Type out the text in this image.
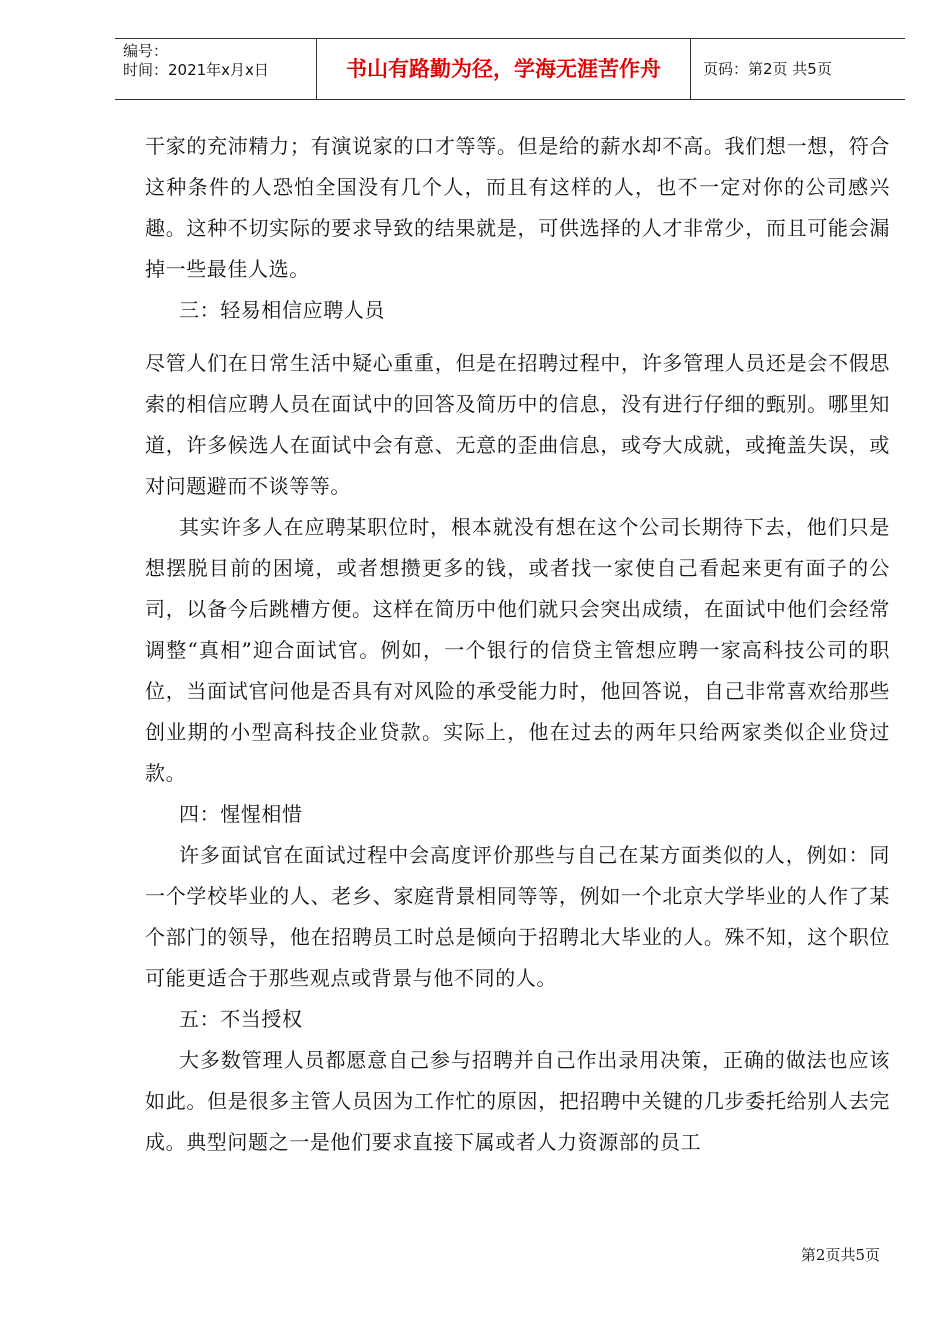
编号：
时间：2021年x月x日	书山有路勤为径，学海无涯苦作舟	页码：第2页 共5页

干家的充沛精力；有演说家的口才等等。但是给的薪水却不高。我们想一想，符合这种条件的人恐怕全国没有几个人，而且有这样的人，也不一定对你的公司感兴趣。这种不切实际的要求导致的结果就是，可供选择的人才非常少，而且可能会漏掉一些最佳人选。

三：轻易相信应聘人员

尽管人们在日常生活中疑心重重，但是在招聘过程中，许多管理人员还是会不假思索的相信应聘人员在面试中的回答及简历中的信息，没有进行仔细的甄别。哪里知道，许多候选人在面试中会有意、无意的歪曲信息，或夸大成就，或掩盖失误，或对问题避而不谈等等。

其实许多人在应聘某职位时，根本就没有想在这个公司长期待下去，他们只是想摆脱目前的困境，或者想攒更多的钱，或者找一家使自己看起来更有面子的公司，以备今后跳槽方便。这样在简历中他们就只会突出成绩，在面试中他们会经常调整“真相”迎合面试官。例如，一个银行的信贷主管想应聘一家高科技公司的职位，当面试官问他是否具有对风险的承受能力时，他回答说，自己非常喜欢给那些创业期的小型高科技企业贷款。实际上，他在过去的两年只给两家类似企业贷过款。

四：惺惺相惜

许多面试官在面试过程中会高度评价那些与自己在某方面类似的人，例如：同一个学校毕业的人、老乡、家庭背景相同等等，例如一个北京大学毕业的人作了某个部门的领导，他在招聘员工时总是倾向于招聘北大毕业的人。殊不知，这个职位可能更适合于那些观点或背景与他不同的人。

五：不当授权

大多数管理人员都愿意自己参与招聘并自己作出录用决策，正确的做法也应该如此。但是很多主管人员因为工作忙的原因，把招聘中关键的几步委托给别人去完成。典型问题之一是他们要求直接下属或者人力资源部的员工

第2页共5页
